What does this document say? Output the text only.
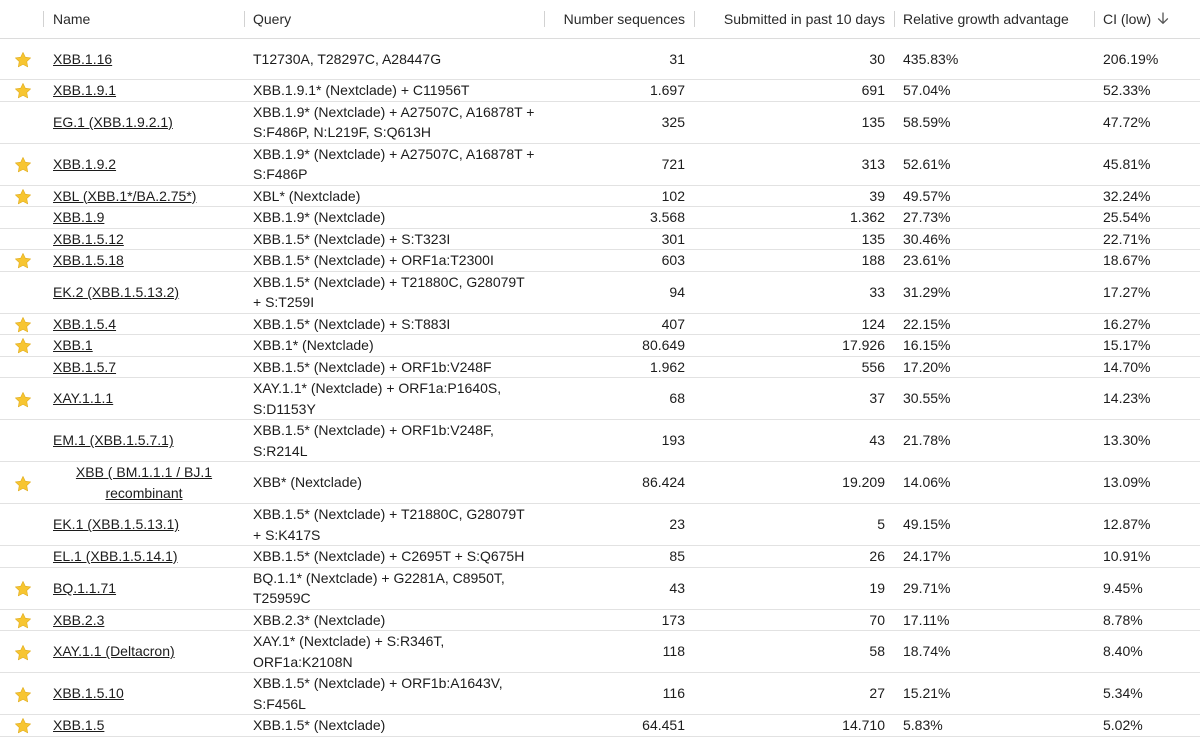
	Name	Query	Number sequences	Submitted in past 10 days	Relative growth advantage	CI (low)
	XBB.1.16	T12730A, T28297C, A28447G	31	30	435.83%	206.19%
	XBB.1.9.1	XBB.1.9.1* (Nextclade) + C11956T	1.697	691	57.04%	52.33%
	EG.1 (XBB.1.9.2.1)	XBB.1.9* (Nextclade) + A27507C, A16878T + S:F486P, N:L219F, S:Q613H	325	135	58.59%	47.72%
	XBB.1.9.2	XBB.1.9* (Nextclade) + A27507C, A16878T + S:F486P	721	313	52.61%	45.81%
	XBL (XBB.1*/BA.2.75*)	XBL* (Nextclade)	102	39	49.57%	32.24%
	XBB.1.9	XBB.1.9* (Nextclade)	3.568	1.362	27.73%	25.54%
	XBB.1.5.12	XBB.1.5* (Nextclade) + S:T323I	301	135	30.46%	22.71%
	XBB.1.5.18	XBB.1.5* (Nextclade) + ORF1a:T2300I	603	188	23.61%	18.67%
	EK.2 (XBB.1.5.13.2)	XBB.1.5* (Nextclade) + T21880C, G28079T + S:T259I	94	33	31.29%	17.27%
	XBB.1.5.4	XBB.1.5* (Nextclade) + S:T883I	407	124	22.15%	16.27%
	XBB.1	XBB.1* (Nextclade)	80.649	17.926	16.15%	15.17%
	XBB.1.5.7	XBB.1.5* (Nextclade) + ORF1b:V248F	1.962	556	17.20%	14.70%
	XAY.1.1.1	XAY.1.1* (Nextclade) + ORF1a:P1640S, S:D1153Y	68	37	30.55%	14.23%
	EM.1 (XBB.1.5.7.1)	XBB.1.5* (Nextclade) + ORF1b:V248F, S:R214L	193	43	21.78%	13.30%
	XBB ( BM.1.1.1 / BJ.1 recombinant	XBB* (Nextclade)	86.424	19.209	14.06%	13.09%
	EK.1 (XBB.1.5.13.1)	XBB.1.5* (Nextclade) + T21880C, G28079T + S:K417S	23	5	49.15%	12.87%
	EL.1 (XBB.1.5.14.1)	XBB.1.5* (Nextclade) + C2695T + S:Q675H	85	26	24.17%	10.91%
	BQ.1.1.71	BQ.1.1* (Nextclade) + G2281A, C8950T, T25959C	43	19	29.71%	9.45%
	XBB.2.3	XBB.2.3* (Nextclade)	173	70	17.11%	8.78%
	XAY.1.1 (Deltacron)	XAY.1* (Nextclade) + S:R346T, ORF1a:K2108N	118	58	18.74%	8.40%
	XBB.1.5.10	XBB.1.5* (Nextclade) + ORF1b:A1643V, S:F456L	116	27	15.21%	5.34%
	XBB.1.5	XBB.1.5* (Nextclade)	64.451	14.710	5.83%	5.02%
